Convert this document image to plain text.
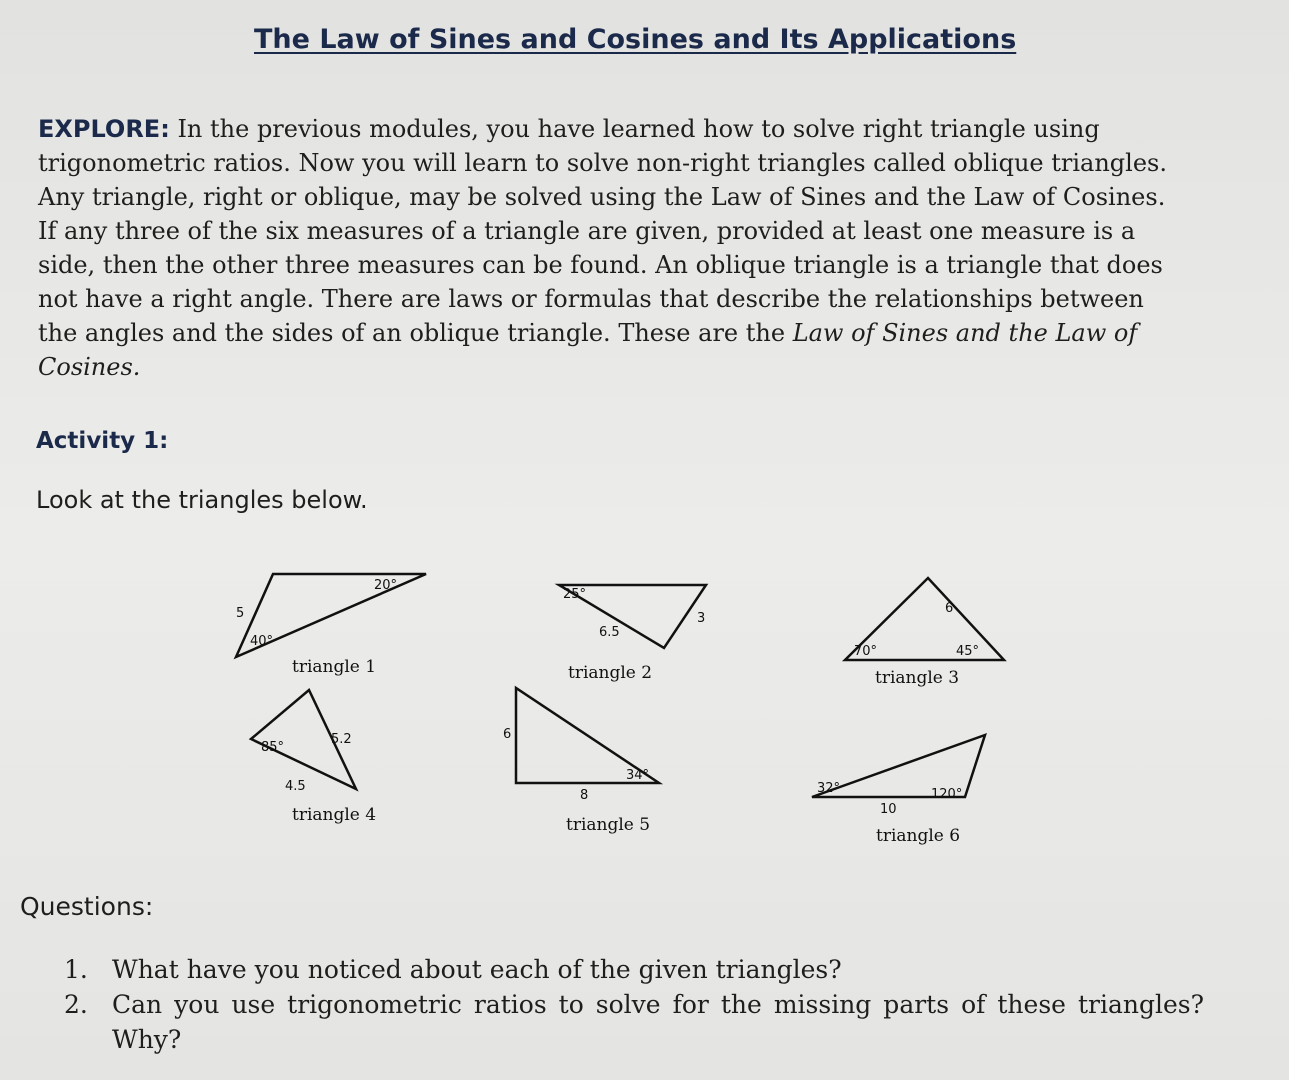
The Law of Sines and Cosines and Its Applications
EXPLORE: In the previous modules, you have learned how to solve right triangle using trigonometric ratios. Now you will learn to solve non-right triangles called oblique triangles. Any triangle, right or oblique, may be solved using the Law of Sines and the Law of Cosines. If any three of the six measures of a triangle are given, provided at least one measure is a side, then the other three measures can be found. An oblique triangle is a triangle that does not have a right angle. There are laws or formulas that describe the relationships between the angles and the sides of an oblique triangle. These are the Law of Sines and the Law of Cosines.
Activity 1:
Look at the triangles below.
20°
5
40°
triangle 1
25°
3
6.5
triangle 2
6
70°	45°
triangle 3
5.2
85°
4.5
triangle 4
6
34°
8
triangle 5
32°	120°
10
triangle 6
Questions:
1. What have you noticed about each of the given triangles?
2. Can you use trigonometric ratios to solve for the missing parts of these triangles? Why?
